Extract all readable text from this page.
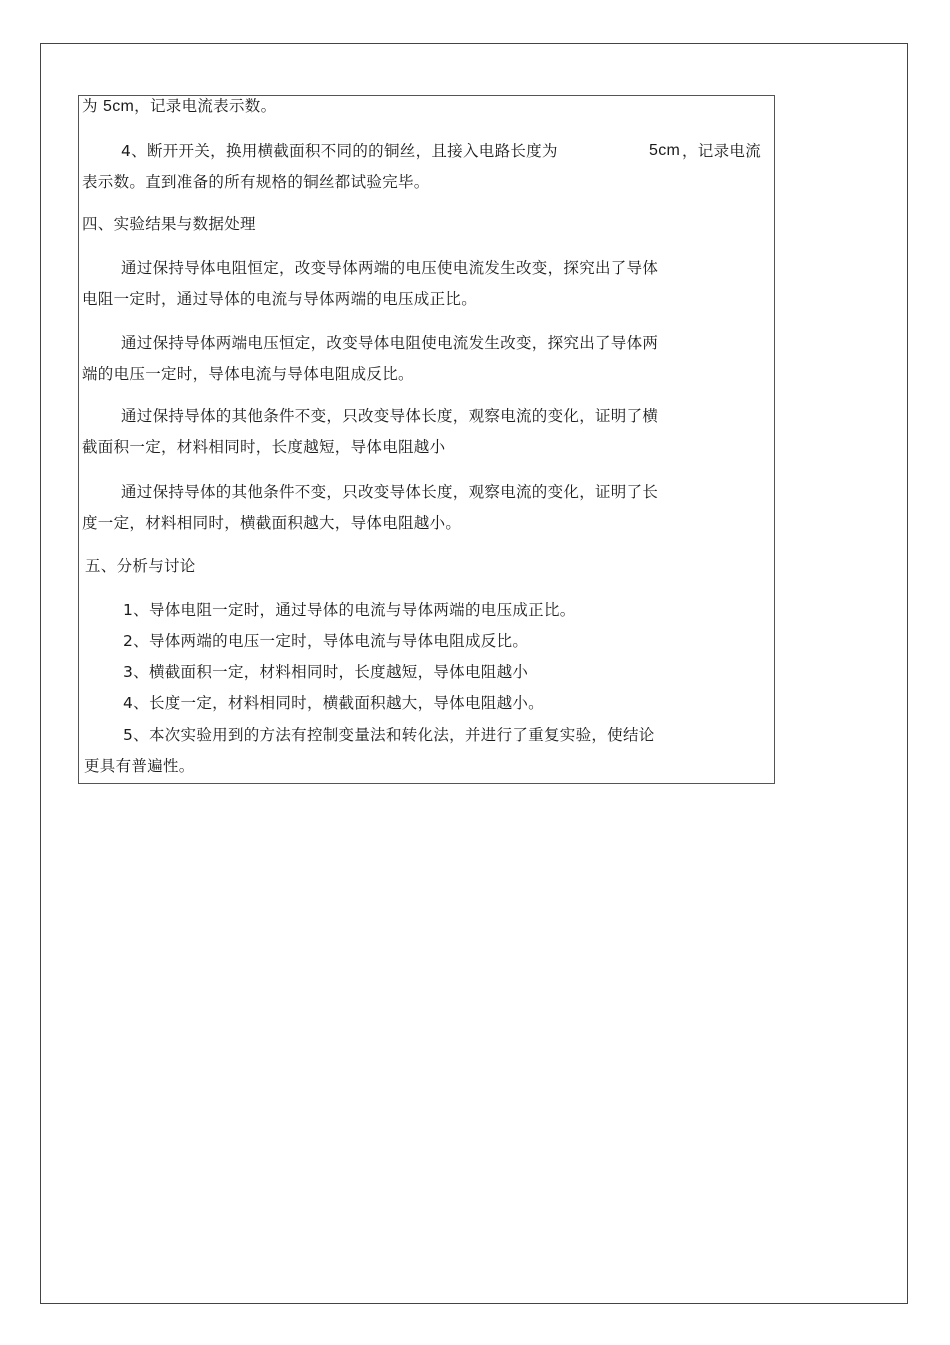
为 5cm，记录电流表示数。
4、断开开关，换用横截面积不同的的铜丝，且接入电路长度为	5cm ，记录电流
表示数。直到准备的所有规格的铜丝都试验完毕。
四、实验结果与数据处理
通过保持导体电阻恒定，改变导体两端的电压使电流发生改变，探究出了导体
电阻一定时，通过导体的电流与导体两端的电压成正比。
通过保持导体两端电压恒定，改变导体电阻使电流发生改变，探究出了导体两
端的电压一定时，导体电流与导体电阻成反比。
通过保持导体的其他条件不变，只改变导体长度，观察电流的变化，证明了横
截面积一定，材料相同时，长度越短，导体电阻越小
通过保持导体的其他条件不变，只改变导体长度，观察电流的变化，证明了长
度一定，材料相同时，横截面积越大，导体电阻越小。
五、分析与讨论
1、导体电阻一定时，通过导体的电流与导体两端的电压成正比。
2、导体两端的电压一定时，导体电流与导体电阻成反比。
3、横截面积一定，材料相同时，长度越短，导体电阻越小
4、长度一定，材料相同时，横截面积越大，导体电阻越小。
5、本次实验用到的方法有控制变量法和转化法，并进行了重复实验，使结论
更具有普遍性。
